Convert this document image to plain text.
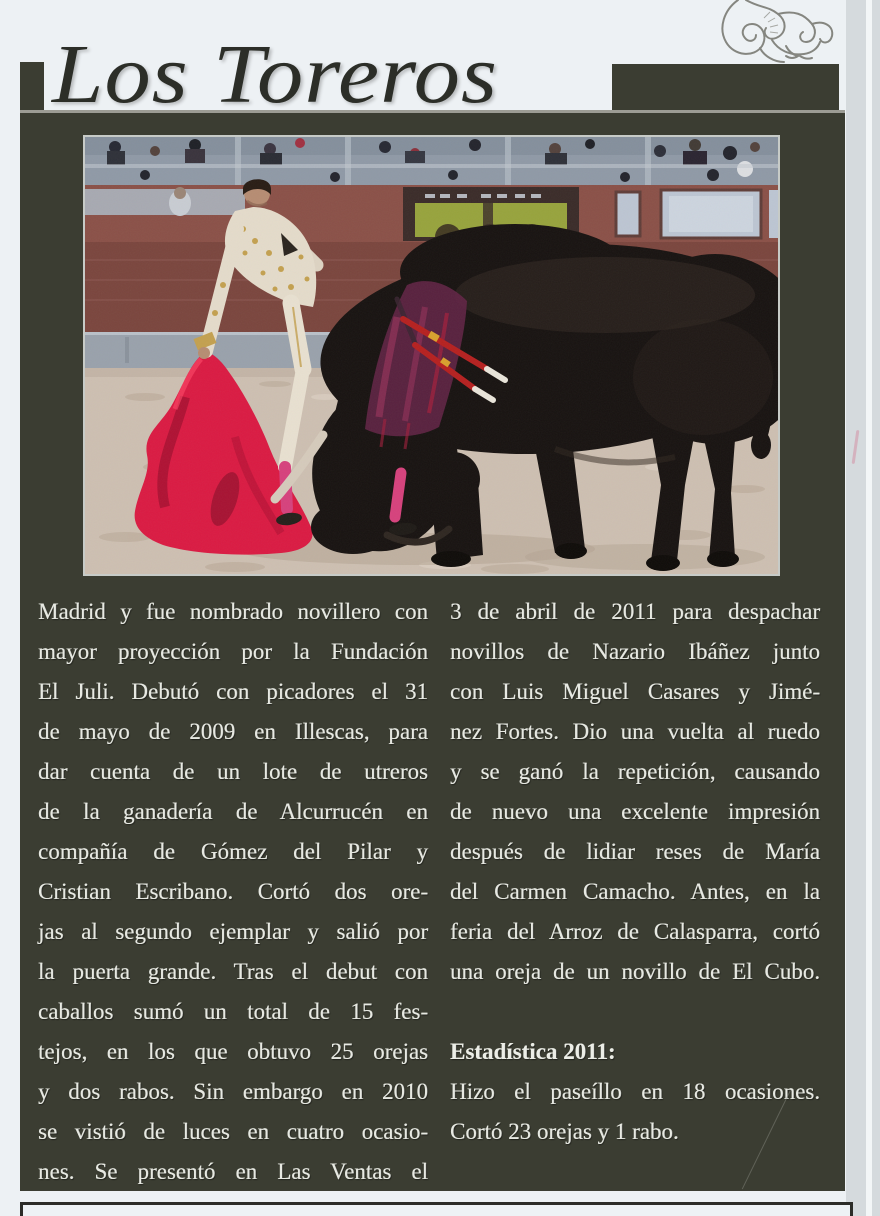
Los Toreros
Madrid y fue nombrado novillero con
mayor proyección por la Fundación
El Juli. Debutó con picadores el 31
de mayo de 2009 en Illescas, para
dar cuenta de un lote de utreros
de la ganadería de Alcurrucén en
compañía de Gómez del Pilar y
Cristian Escribano. Cortó dos ore-
jas al segundo ejemplar y salió por
la puerta grande. Tras el debut con
caballos sumó un total de 15 fes-
tejos, en los que obtuvo 25 orejas
y dos rabos. Sin embargo en 2010
se vistió de luces en cuatro ocasio-
nes. Se presentó en Las Ventas el
3 de abril de 2011 para despachar
novillos de Nazario Ibáñez junto
con Luis Miguel Casares y Jimé-
nez Fortes. Dio una vuelta al ruedo
y se ganó la repetición, causando
de nuevo una excelente impresión
después de lidiar reses de María
del Carmen Camacho. Antes, en la
feria del Arroz de Calasparra, cortó
una oreja de un novillo de El Cubo.
Estadística 2011:
Hizo el paseíllo en 18 ocasiones.
Cortó 23 orejas y 1 rabo.
